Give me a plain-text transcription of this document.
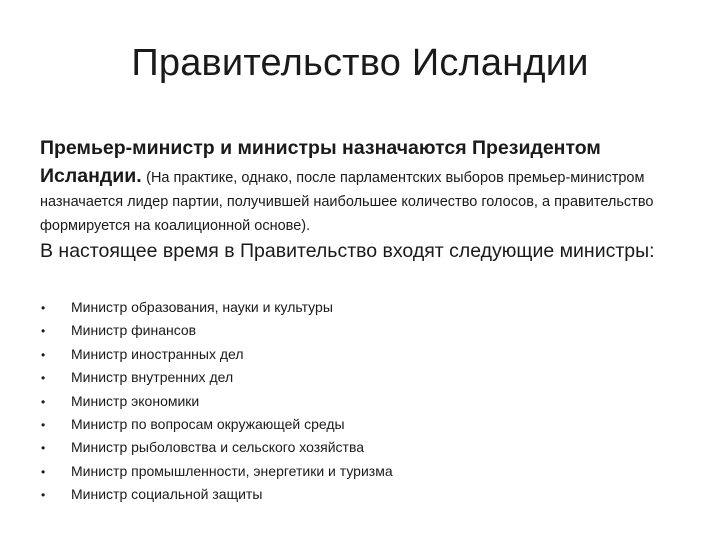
Правительство Исландии

Премьер-министр и министры назначаются Президентом Исландии. (На практике, однако, после парламентских выборов премьер-министром назначается лидер партии, получившей наибольшее количество голосов, а правительство формируется на коалиционной основе).

В настоящее время в Правительство входят следующие министры:

•	Министр образования, науки и культуры
•	Министр финансов
•	Министр иностранных дел
•	Министр внутренних дел
•	Министр экономики
•	Министр по вопросам окружающей среды
•	Министр рыболовства и сельского хозяйства
•	Министр промышленности, энергетики и туризма
•	Министр социальной защиты
